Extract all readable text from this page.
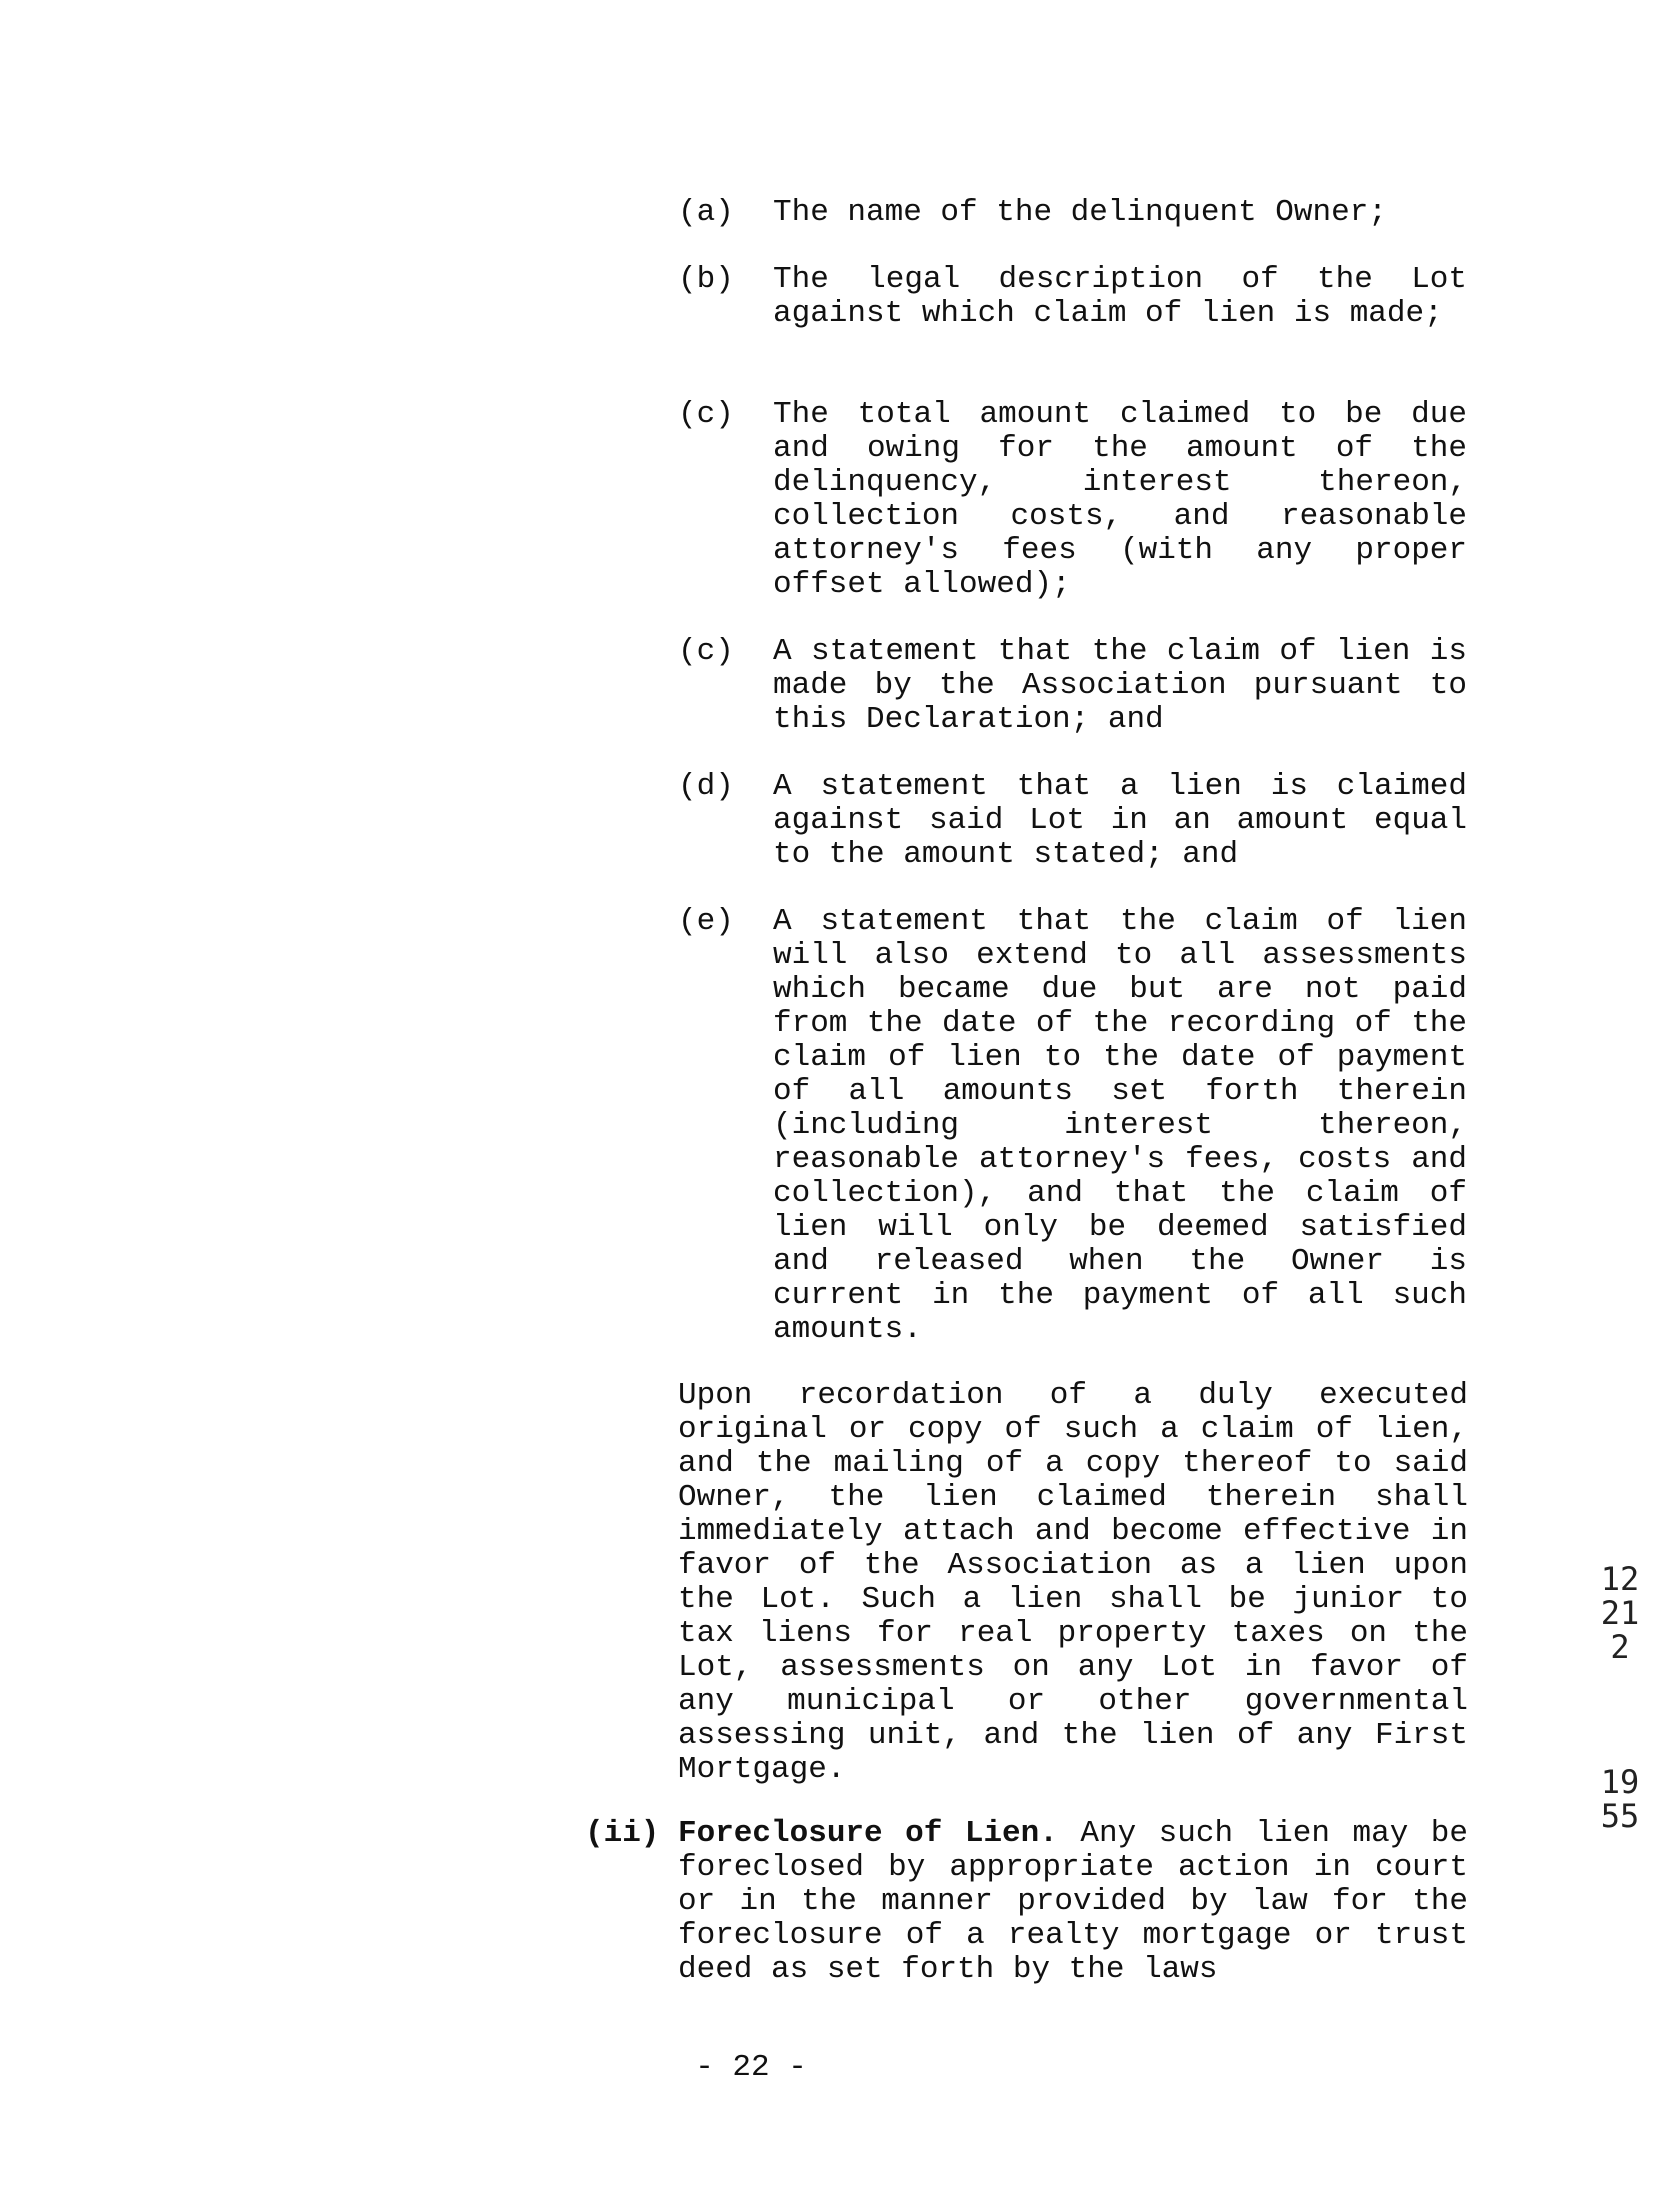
(a) The name of the delinquent Owner;
(b) The legal description of the Lot against which claim of lien is made;
(c) The total amount claimed to be due and owing for the amount of the delinquency, interest thereon, collection costs, and reasonable attorney's fees (with any proper offset allowed);
(c) A statement that the claim of lien is made by the Association pursuant to this Declaration; and
(d) A statement that a lien is claimed against said Lot in an amount equal to the amount stated; and
(e) A statement that the claim of lien will also extend to all assessments which became due but are not paid from the date of the recording of the claim of lien to the date of payment of all amounts set forth therein (including interest thereon, reasonable attorney's fees, costs and collection), and that the claim of lien will only be deemed satisfied and released when the Owner is current in the payment of all such amounts.
Upon recordation of a duly executed original or copy of such a claim of lien, and the mailing of a copy thereof to said Owner, the lien claimed therein shall immediately attach and become effective in favor of the Association as a lien upon the Lot. Such a lien shall be junior to tax liens for real property taxes on the Lot, assessments on any Lot in favor of any municipal or other governmental assessing unit, and the lien of any First Mortgage.
(ii) Foreclosure of Lien. Any such lien may be foreclosed by appropriate action in court or in the manner provided by law for the foreclosure of a realty mortgage or trust deed as set forth by the laws
- 22 -
12212
1955
